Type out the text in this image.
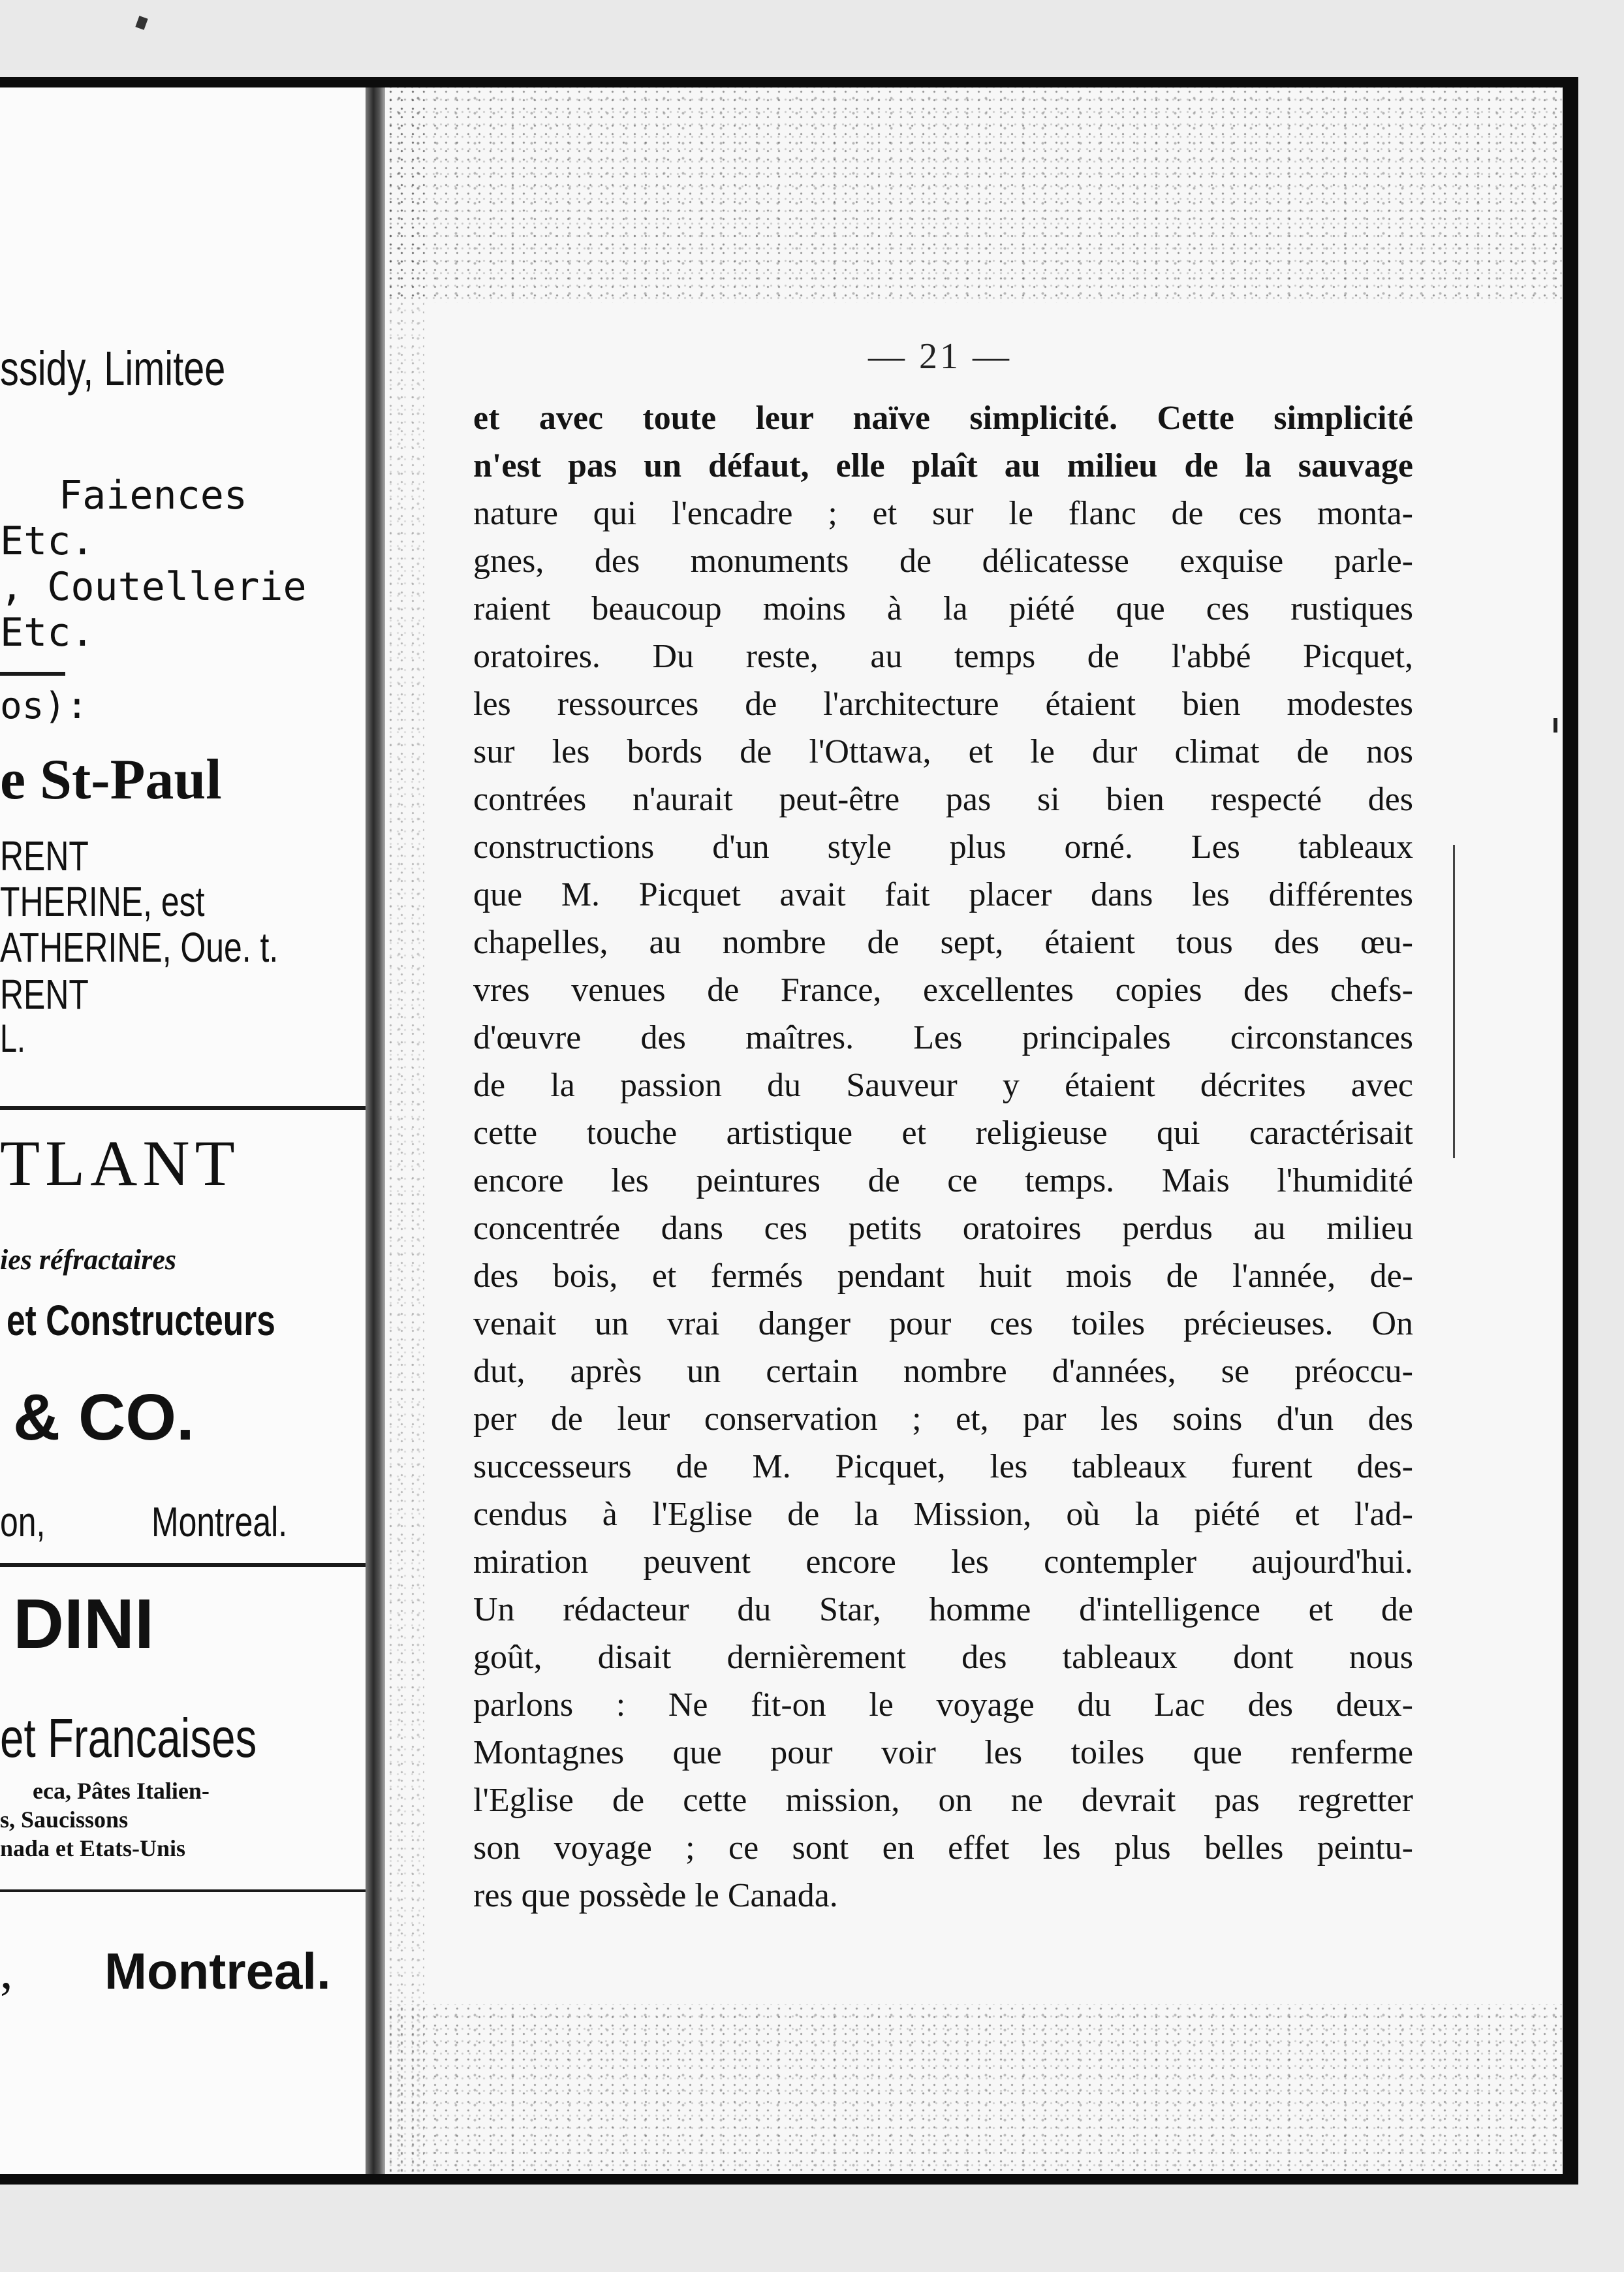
ssidy, Limitee
Faiences
Etc.
, Coutellerie
Etc.
os):
e St-Paul
RENT
THERINE, est
ATHERINE, Oue. t.
RENT
L.
TLANT
ies réfractaires
et Constructeurs
& CO.
on,	Montreal.
DINI
et Francaises
eca, Pâtes Italien-
s, Saucissons
nada et Etats-Unis
, Montreal.
— 21 —
et avec toute leur naïve simplicité. Cette simplicité
n'est pas un défaut, elle plaît au milieu de la sauvage
nature qui l'encadre ; et sur le flanc de ces monta-
gnes, des monuments de délicatesse exquise parle-
raient beaucoup moins à la piété que ces rustiques
oratoires. Du reste, au temps de l'abbé Picquet,
les ressources de l'architecture étaient bien modestes
sur les bords de l'Ottawa, et le dur climat de nos
contrées n'aurait peut-être pas si bien respecté des
constructions d'un style plus orné. Les tableaux
que M. Picquet avait fait placer dans les différentes
chapelles, au nombre de sept, étaient tous des œu-
vres venues de France, excellentes copies des chefs-
d'œuvre des maîtres. Les principales circonstances
de la passion du Sauveur y étaient décrites avec
cette touche artistique et religieuse qui caractérisait
encore les peintures de ce temps. Mais l'humidité
concentrée dans ces petits oratoires perdus au milieu
des bois, et fermés pendant huit mois de l'année, de-
venait un vrai danger pour ces toiles précieuses. On
dut, après un certain nombre d'années, se préoccu-
per de leur conservation ; et, par les soins d'un des
successeurs de M. Picquet, les tableaux furent des-
cendus à l'Eglise de la Mission, où la piété et l'ad-
miration peuvent encore les contempler aujourd'hui.
Un rédacteur du Star, homme d'intelligence et de
goût, disait dernièrement des tableaux dont nous
parlons : Ne fit-on le voyage du Lac des deux-
Montagnes que pour voir les toiles que renferme
l'Eglise de cette mission, on ne devrait pas regretter
son voyage ; ce sont en effet les plus belles peintu-
res que possède le Canada.
